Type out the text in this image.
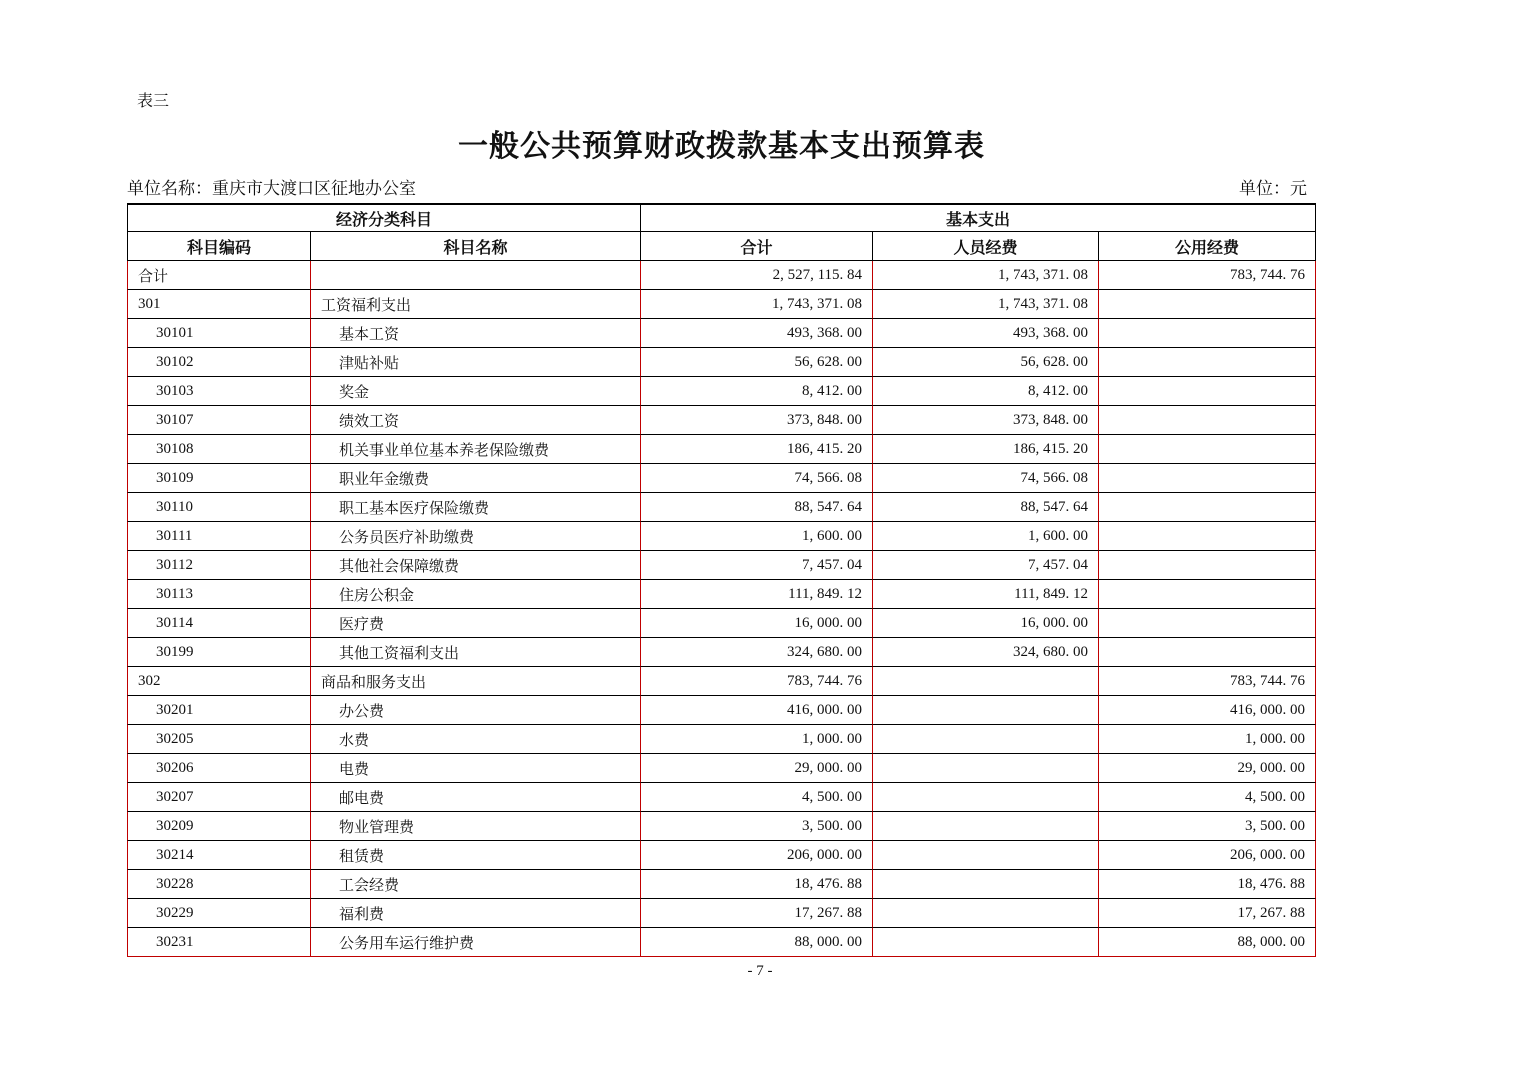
表三
一般公共预算财政拨款基本支出预算表
单位名称：重庆市大渡口区征地办公室	单位：元
经济分类科目		基本支出		
科目编码	科目名称	合计	人员经费	公用经费
合计		2, 527, 115. 84	1, 743, 371. 08	783, 744. 76
301	工资福利支出	1, 743, 371. 08	1, 743, 371. 08	
30101	基本工资	493, 368. 00	493, 368. 00	
30102	津贴补贴	56, 628. 00	56, 628. 00	
30103	奖金	8, 412. 00	8, 412. 00	
30107	绩效工资	373, 848. 00	373, 848. 00	
30108	机关事业单位基本养老保险缴费	186, 415. 20	186, 415. 20	
30109	职业年金缴费	74, 566. 08	74, 566. 08	
30110	职工基本医疗保险缴费	88, 547. 64	88, 547. 64	
30111	公务员医疗补助缴费	1, 600. 00	1, 600. 00	
30112	其他社会保障缴费	7, 457. 04	7, 457. 04	
30113	住房公积金	111, 849. 12	111, 849. 12	
30114	医疗费	16, 000. 00	16, 000. 00	
30199	其他工资福利支出	324, 680. 00	324, 680. 00	
302	商品和服务支出	783, 744. 76		783, 744. 76
30201	办公费	416, 000. 00		416, 000. 00
30205	水费	1, 000. 00		1, 000. 00
30206	电费	29, 000. 00		29, 000. 00
30207	邮电费	4, 500. 00		4, 500. 00
30209	物业管理费	3, 500. 00		3, 500. 00
30214	租赁费	206, 000. 00		206, 000. 00
30228	工会经费	18, 476. 88		18, 476. 88
30229	福利费	17, 267. 88		17, 267. 88
30231	公务用车运行维护费	88, 000. 00		88, 000. 00
- 7 -
